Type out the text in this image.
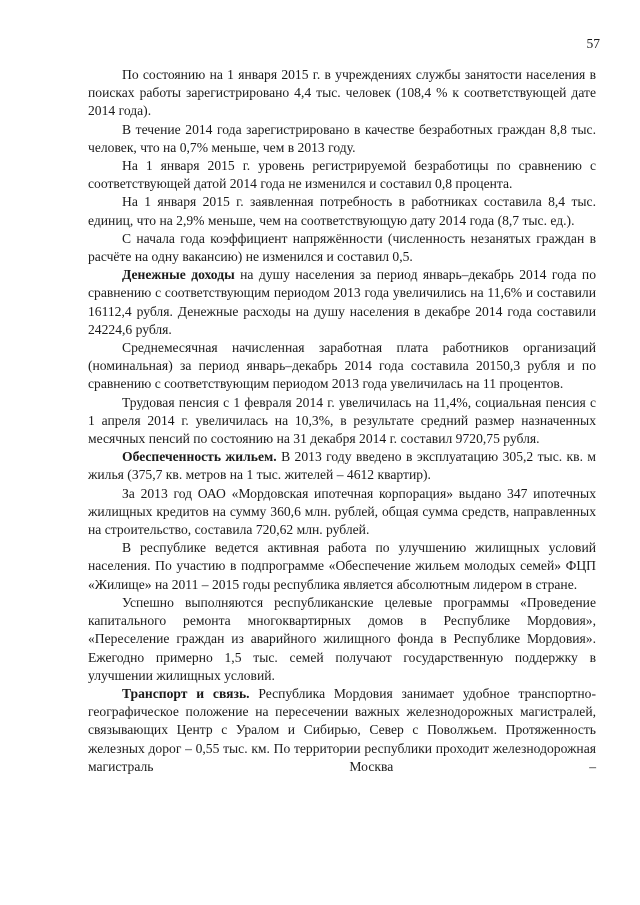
57

По состоянию на 1 января 2015 г. в учреждениях службы занятости населения в поисках работы зарегистрировано 4,4 тыс. человек (108,4 % к соответствующей дате 2014 года).

В течение 2014 года зарегистрировано в качестве безработных граждан 8,8 тыс. человек, что на 0,7% меньше, чем в 2013 году.

На 1 января 2015 г. уровень регистрируемой безработицы по сравнению с соответствующей датой 2014 года не изменился и составил 0,8 процента.

На 1 января 2015 г. заявленная потребность в работниках составила 8,4 тыс. единиц, что на 2,9% меньше, чем на соответствующую дату 2014 года (8,7 тыс. ед.).

С начала года коэффициент напряжённости (численность незанятых граждан в расчёте на одну вакансию) не изменился и составил 0,5.

Денежные доходы на душу населения за период январь–декабрь 2014 года по сравнению с соответствующим периодом 2013 года увеличились на 11,6% и составили 16112,4 рубля. Денежные расходы на душу населения в декабре 2014 года составили 24224,6 рубля.

Среднемесячная начисленная заработная плата работников организаций (номинальная) за период январь–декабрь 2014 года составила 20150,3 рубля и по сравнению с соответствующим периодом 2013 года увеличилась на 11 процентов.

Трудовая пенсия с 1 февраля 2014 г. увеличилась на 11,4%, социальная пенсия с 1 апреля 2014 г. увеличилась на 10,3%, в результате средний размер назначенных месячных пенсий по состоянию на 31 декабря 2014 г. составил 9720,75 рубля.

Обеспеченность жильем. В 2013 году введено в эксплуатацию 305,2 тыс. кв. м жилья (375,7 кв. метров на 1 тыс. жителей – 4612 квартир).

За 2013 год ОАО «Мордовская ипотечная корпорация» выдано 347 ипотечных жилищных кредитов на сумму 360,6 млн. рублей, общая сумма средств, направленных на строительство, составила 720,62 млн. рублей.

В республике ведется активная работа по улучшению жилищных условий населения. По участию в подпрограмме «Обеспечение жильем молодых семей» ФЦП «Жилище» на 2011 – 2015 годы республика является абсолютным лидером в стране.

Успешно выполняются республиканские целевые программы «Проведение капитального ремонта многоквартирных домов в Республике Мордовия», «Переселение граждан из аварийного жилищного фонда в Республике Мордовия». Ежегодно примерно 1,5 тыс. семей получают государственную поддержку в улучшении жилищных условий.

Транспорт и связь. Республика Мордовия занимает удобное транспортно-географическое положение на пересечении важных железнодорожных магистралей, связывающих Центр с Уралом и Сибирью, Север с Поволжьем. Протяженность железных дорог – 0,55 тыс. км. По территории республики проходит железнодорожная магистраль Москва –
